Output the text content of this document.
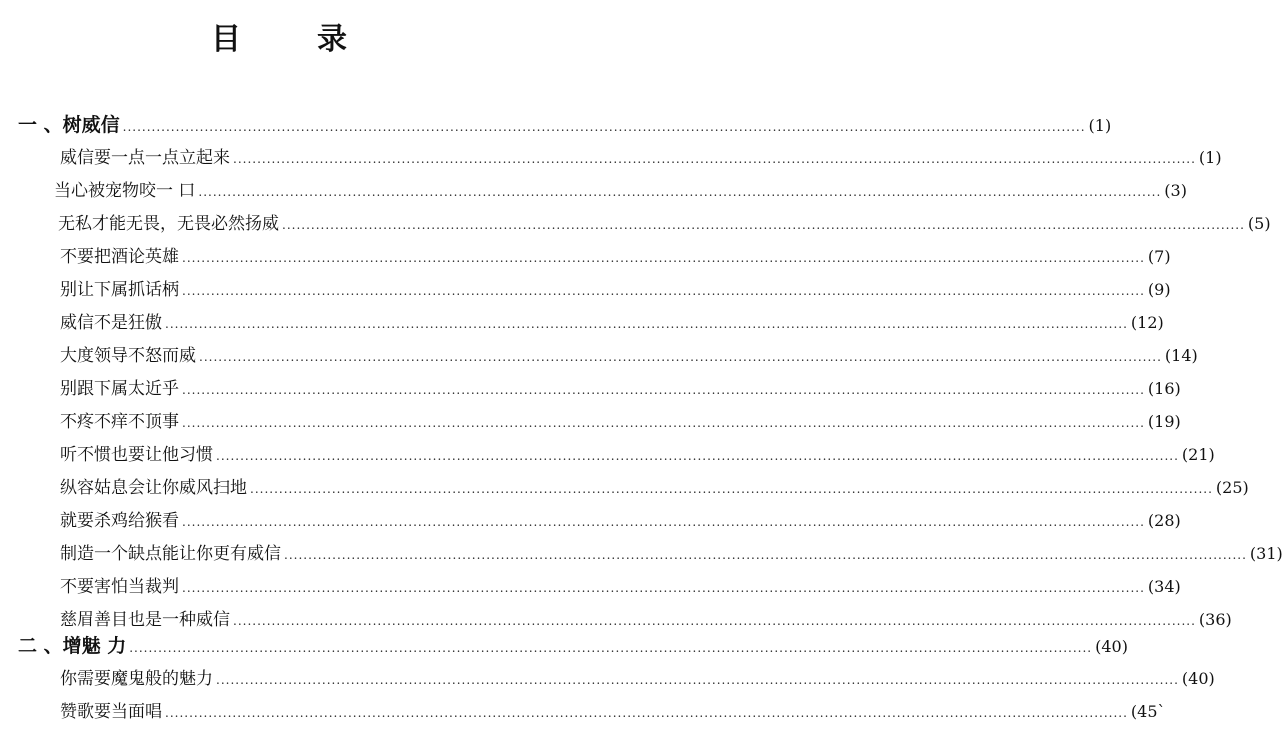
目 录
一 、树威信 ........................................................................................................................................................................................................ (1)
威信要一点一点立起来 ........................................................................................................................................................................................................ (1)
当心被宠物咬一 口 ........................................................................................................................................................................................................ (3)
无私才能无畏，无畏必然扬威 ........................................................................................................................................................................................................ (5)
不要把酒论英雄 ........................................................................................................................................................................................................ (7)
别让下属抓话柄 ........................................................................................................................................................................................................ (9)
威信不是狂傲 ........................................................................................................................................................................................................ (12)
大度领导不怒而威 ........................................................................................................................................................................................................ (14)
别跟下属太近乎 ........................................................................................................................................................................................................ (16)
不疼不痒不顶事 ........................................................................................................................................................................................................ (19)
听不惯也要让他习惯 ........................................................................................................................................................................................................ (21)
纵容姑息会让你威风扫地 ........................................................................................................................................................................................................ (25)
就要杀鸡给猴看 ........................................................................................................................................................................................................ (28)
制造一个缺点能让你更有威信 ........................................................................................................................................................................................................ (31)
不要害怕当裁判 ........................................................................................................................................................................................................ (34)
慈眉善目也是一种威信 ........................................................................................................................................................................................................ (36)
二 、增魅 力 ........................................................................................................................................................................................................ (40)
你需要魔鬼般的魅力 ........................................................................................................................................................................................................ (40)
赞歌要当面唱 ........................................................................................................................................................................................................ (45`
